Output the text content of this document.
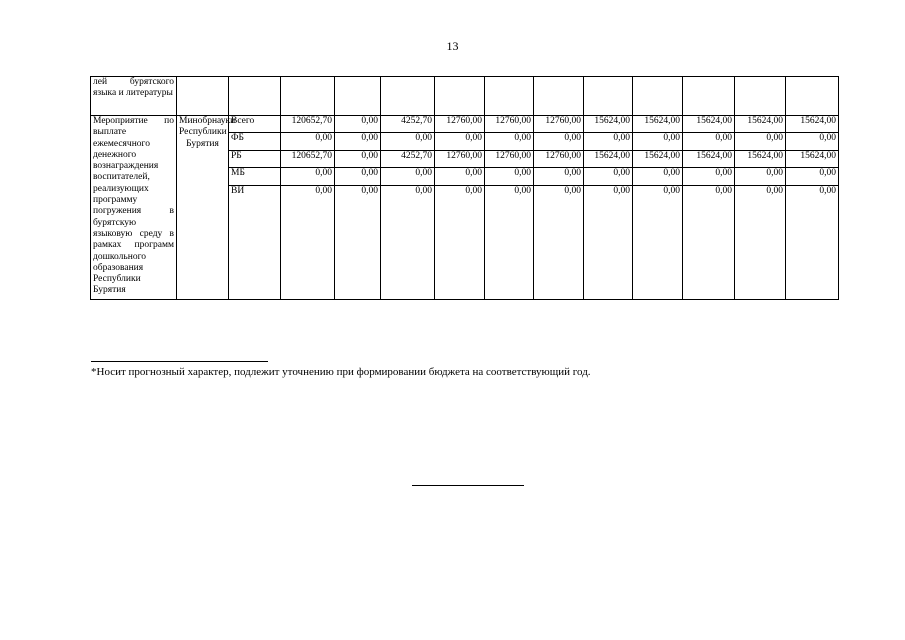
13
лей бурятского языка и литературы													
Мероприятие по выплате ежемесячного денежного вознаграждения воспитателей, реализующих программу погружения в бурятскую языковую среду в рамках программ дошкольного образования Республики Бурятия	Минобрнауки Республики Бурятия	Всего	120652,70	0,00	4252,70	12760,00	12760,00	12760,00	15624,00	15624,00	15624,00	15624,00	15624,00
		ФБ	0,00	0,00	0,00	0,00	0,00	0,00	0,00	0,00	0,00	0,00	0,00
		РБ	120652,70	0,00	4252,70	12760,00	12760,00	12760,00	15624,00	15624,00	15624,00	15624,00	15624,00
		МБ	0,00	0,00	0,00	0,00	0,00	0,00	0,00	0,00	0,00	0,00	0,00
		ВИ	0,00	0,00	0,00	0,00	0,00	0,00	0,00	0,00	0,00	0,00	0,00
*Носит прогнозный характер, подлежит уточнению при формировании бюджета на соответствующий год.
